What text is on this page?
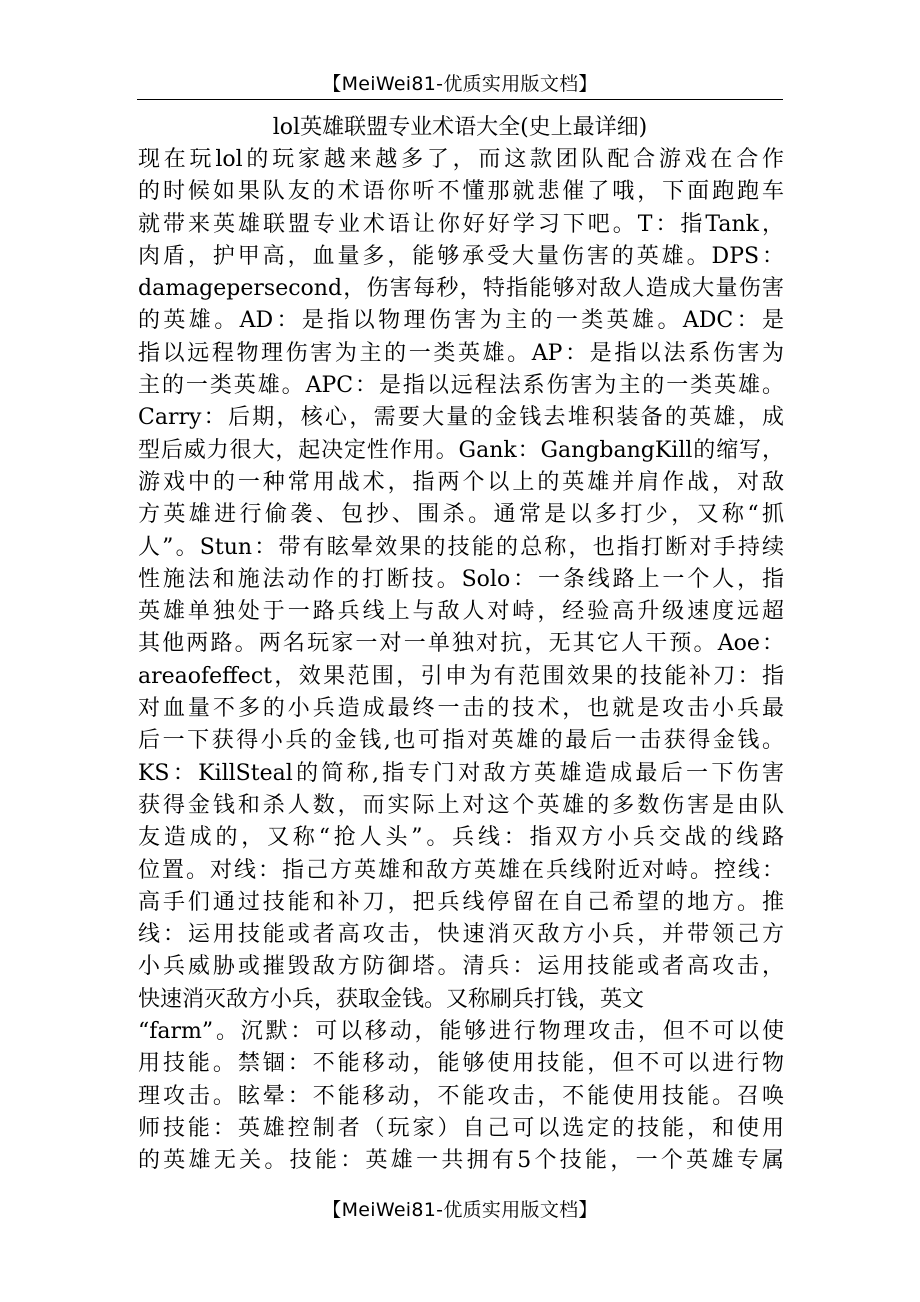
【MeiWei81-优质实用版文档】
lol英雄联盟专业术语大全(史上最详细)
现在玩lol的玩家越来越多了，而这款团队配合游戏在合作
的时候如果队友的术语你听不懂那就悲催了哦，下面跑跑车
就带来英雄联盟专业术语让你好好学习下吧。T：指Tank，
肉盾，护甲高，血量多，能够承受大量伤害的英雄。DPS：
damagepersecond，伤害每秒，特指能够对敌人造成大量伤害
的英雄。AD：是指以物理伤害为主的一类英雄。ADC：是
指以远程物理伤害为主的一类英雄。AP：是指以法系伤害为
主的一类英雄。APC：是指以远程法系伤害为主的一类英雄。
Carry：后期，核心，需要大量的金钱去堆积装备的英雄，成
型后威力很大，起决定性作用。Gank：GangbangKill的缩写，
游戏中的一种常用战术，指两个以上的英雄并肩作战，对敌
方英雄进行偷袭、包抄、围杀。通常是以多打少，又称“抓
人”。Stun：带有眩晕效果的技能的总称，也指打断对手持续
性施法和施法动作的打断技。Solo：一条线路上一个人，指
英雄单独处于一路兵线上与敌人对峙，经验高升级速度远超
其他两路。两名玩家一对一单独对抗，无其它人干预。Aoe：
areaofeffect，效果范围，引申为有范围效果的技能补刀：指
对血量不多的小兵造成最终一击的技术，也就是攻击小兵最
后一下获得小兵的金钱,也可指对英雄的最后一击获得金钱。
KS：KillSteal的简称,指专门对敌方英雄造成最后一下伤害
获得金钱和杀人数，而实际上对这个英雄的多数伤害是由队
友造成的，又称“抢人头”。兵线：指双方小兵交战的线路
位置。对线：指己方英雄和敌方英雄在兵线附近对峙。控线：
高手们通过技能和补刀，把兵线停留在自己希望的地方。推
线：运用技能或者高攻击，快速消灭敌方小兵，并带领己方
小兵威胁或摧毁敌方防御塔。清兵：运用技能或者高攻击，
快速消灭敌方小兵，获取金钱。又称刷兵打钱，英文
“farm”。沉默：可以移动，能够进行物理攻击，但不可以使
用技能。禁锢：不能移动，能够使用技能，但不可以进行物
理攻击。眩晕：不能移动，不能攻击，不能使用技能。召唤
师技能：英雄控制者（玩家）自己可以选定的技能，和使用
的英雄无关。技能：英雄一共拥有5个技能，一个英雄专属
【MeiWei81-优质实用版文档】
